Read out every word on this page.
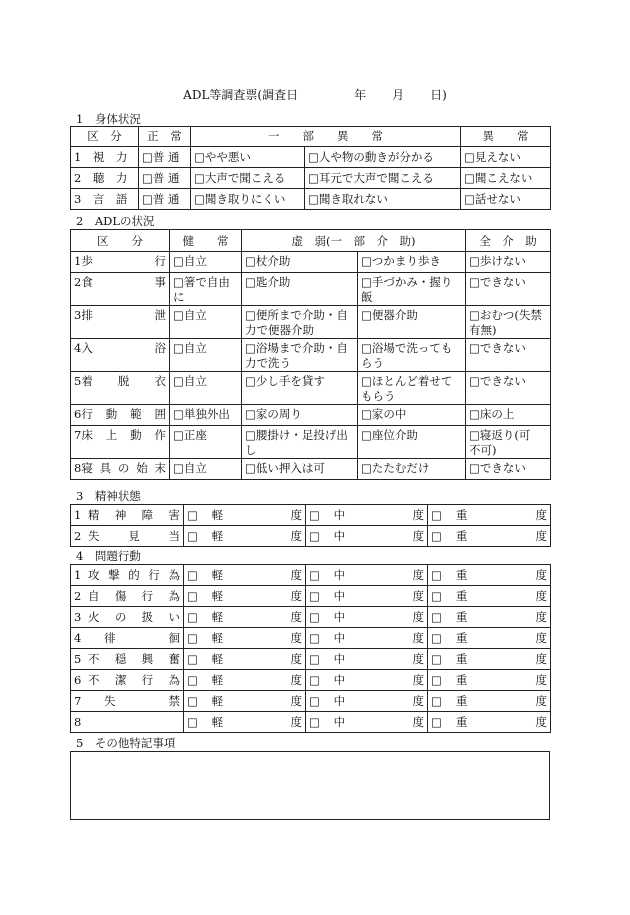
ADL等調査票(調査日	年 月 日)
1　身体状況
区　分	正　常	一　　部　　異　　常		異　　常
1　 視　力	□普 通	□やや悪い	□人や物の動きが分かる	□見えない
2　 聴　力	□普 通	□大声で聞こえる	□耳元で大声で聞こえる	□聞こえない
3　 言　語	□普 通	□聞き取りにくい	□聞き取れない	□話せない
2　ADLの状況
区　　分	健　　常	虚　弱(一　部　介　助)		全　介　助

1 歩行	□自立	□杖介助	□つかまり歩き	□歩けない

2 食事	□箸で自由に	□匙介助	□手づかみ・握り飯	□できない

3 排泄	□自立	□便所まで介助・自力で便器介助	□便器介助	□おむつ(失禁有無)

4 入浴	□自立	□浴場まで介助・自力で洗う	□浴場で洗ってもらう	□できない

5 着脱衣	□自立	□少し手を貸す	□ほとんど着せてもらう	□できない

6 行動範囲	□単独外出	□家の周り	□家の中	□床の上

7 床上動作	□正座	□腰掛け・足投げ出し	□座位介助	□寝返り(可　不可)

8 寝具の始末	□自立	□低い押入は可	□たたむだけ	□できない
3　精神状態
1 精神障害	□ 軽 度	□ 中 度	□ 重 度

2 失見当	□ 軽 度	□ 中 度	□ 重 度
4　問題行動
1 攻撃的行為	□ 軽 度	□ 中 度	□ 重 度

2 自傷行為	□ 軽 度	□ 中 度	□ 重 度

3 火の扱い	□ 軽 度	□ 中 度	□ 重 度

4 徘徊	□ 軽 度	□ 中 度	□ 重 度

5 不穏興奮	□ 軽 度	□ 中 度	□ 重 度

6 不潔行為	□ 軽 度	□ 中 度	□ 重 度

7 失禁	□ 軽 度	□ 中 度	□ 重 度

8	□ 軽 度	□ 中 度	□ 重 度
5　その他特記事項
